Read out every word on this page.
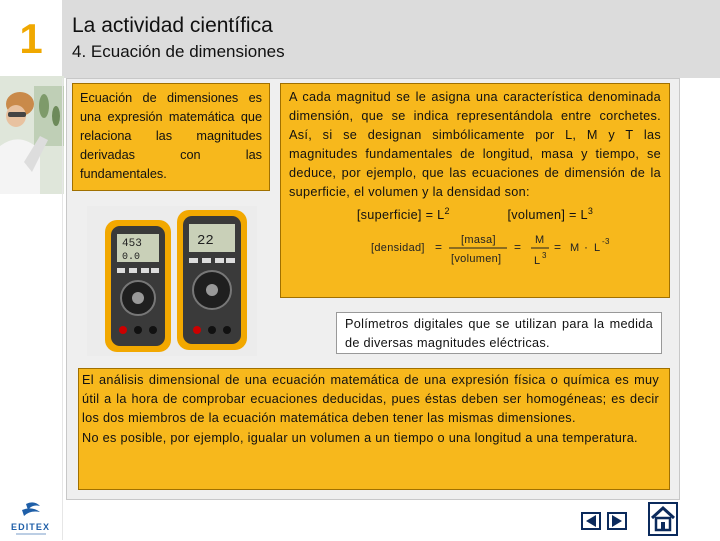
1	La actividad científica
4. Ecuación de dimensiones
Ecuación de dimensiones es una expresión matemática que relaciona las magnitudes derivadas con las fundamentales.
A cada magnitud se le asigna una característica denominada dimensión, que se indica representándola entre corchetes. Así, si se designan simbólicamente por L, M y T las magnitudes fundamentales de longitud, masa y tiempo, se deduce, por ejemplo, que las ecuaciones de dimensión de la superficie, el volumen y la densidad son:
[superficie] = $L^2$	[volumen] = $L^3$
[densidad] = [masa]
[volumen]
= M
L 3
= M · L
-3
453
0.0
22
Polímetros digitales que se utilizan para la medida de diversas magnitudes eléctricas.
El análisis dimensional de una ecuación matemática de una expresión física o química es muy útil a la hora de comprobar ecuaciones deducidas, pues éstas deben ser homogéneas; es decir los dos miembros de la ecuación matemática deben tener las mismas dimensiones.
No es posible, por ejemplo, igualar un volumen a un tiempo o una longitud a una temperatura.
EDITEX
